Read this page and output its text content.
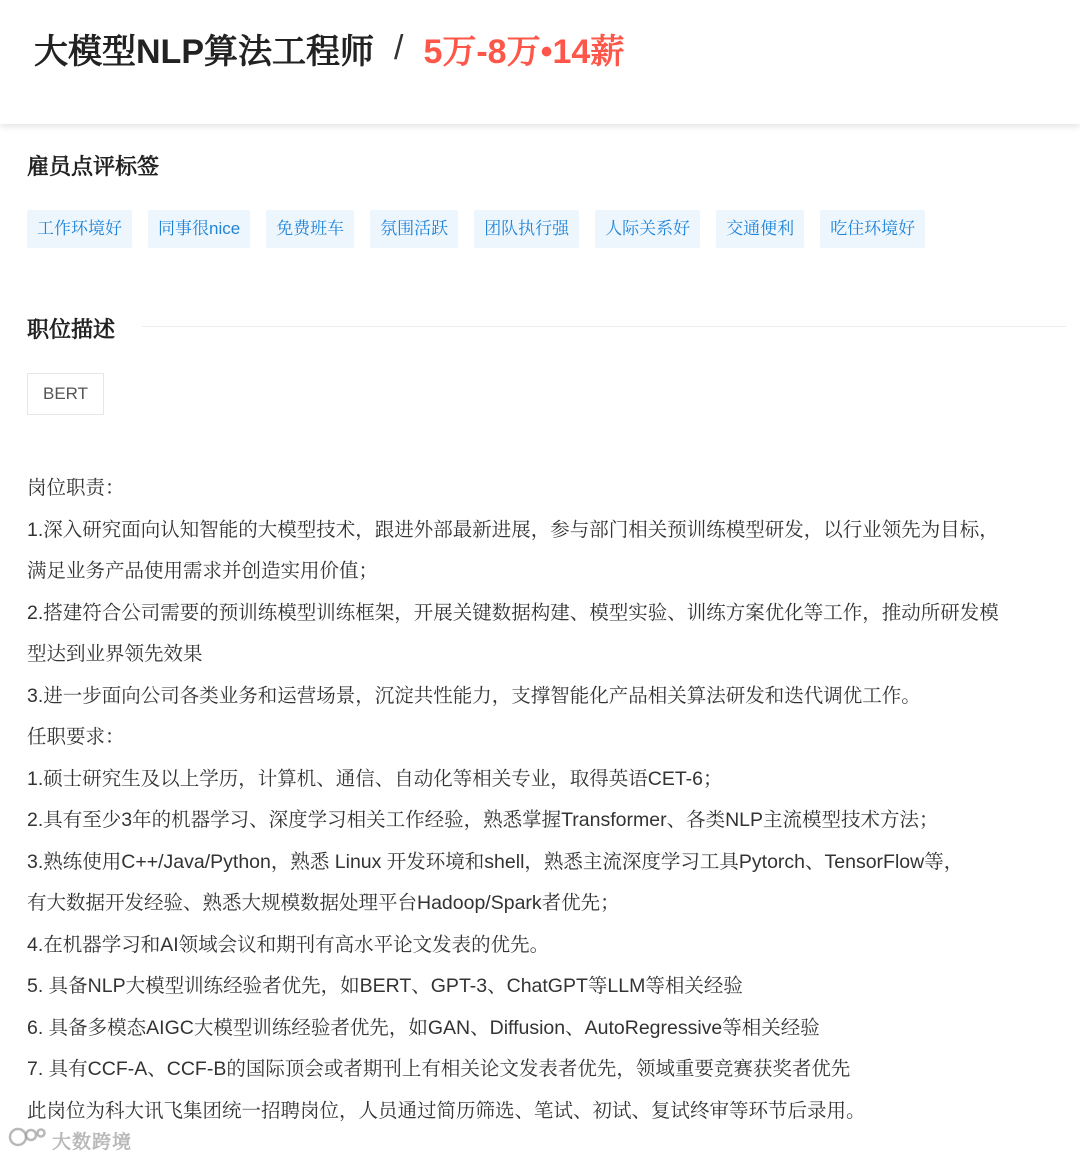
大模型NLP算法工程师 / 5万-8万•14薪
雇员点评标签
工作环境好	同事很nice	免费班车	氛围活跃	团队执行强	人际关系好	交通便利	吃住环境好
职位描述
BERT
岗位职责：
1.深入研究面向认知智能的大模型技术，跟进外部最新进展，参与部门相关预训练模型研发，以行业领先为目标，
满足业务产品使用需求并创造实用价值；
2.搭建符合公司需要的预训练模型训练框架，开展关键数据构建、模型实验、训练方案优化等工作，推动所研发模
型达到业界领先效果
3.进一步面向公司各类业务和运营场景，沉淀共性能力，支撑智能化产品相关算法研发和迭代调优工作。
任职要求：
1.硕士研究生及以上学历，计算机、通信、自动化等相关专业，取得英语CET-6；
2.具有至少3年的机器学习、深度学习相关工作经验，熟悉掌握Transformer、各类NLP主流模型技术方法；
3.熟练使用C++/Java/Python，熟悉 Linux 开发环境和shell，熟悉主流深度学习工具Pytorch、TensorFlow等，
有大数据开发经验、熟悉大规模数据处理平台Hadoop/Spark者优先；
4.在机器学习和AI领域会议和期刊有高水平论文发表的优先。
5. 具备NLP大模型训练经验者优先，如BERT、GPT-3、ChatGPT等LLM等相关经验
6. 具备多模态AIGC大模型训练经验者优先，如GAN、Diffusion、AutoRegressive等相关经验
7. 具有CCF-A、CCF-B的国际顶会或者期刊上有相关论文发表者优先，领域重要竞赛获奖者优先
此岗位为科大讯飞集团统一招聘岗位，人员通过简历筛选、笔试、初试、复试终审等环节后录用。
大数跨境
